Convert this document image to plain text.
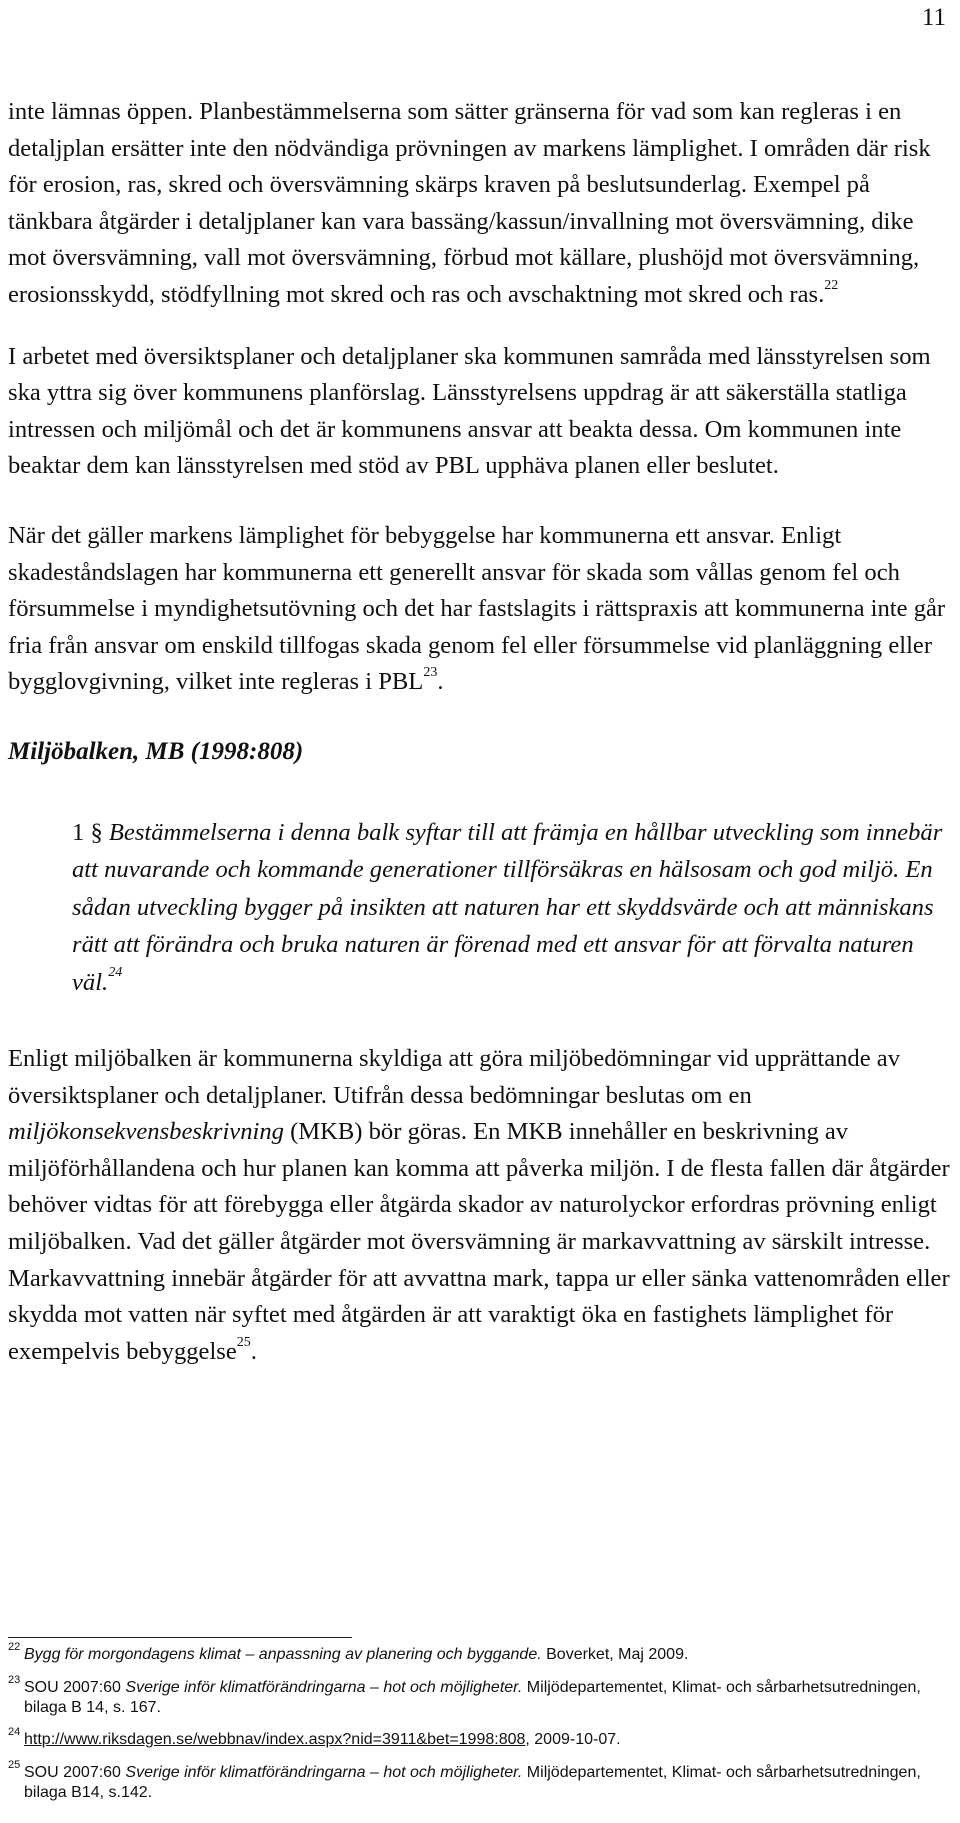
11

inte lämnas öppen. Planbestämmelserna som sätter gränserna för vad som kan regleras i en detaljplan ersätter inte den nödvändiga prövningen av markens lämplighet. I områden där risk för erosion, ras, skred och översvämning skärps kraven på beslutsunderlag. Exempel på tänkbara åtgärder i detaljplaner kan vara bassäng/kassun/invallning mot översvämning, dike mot översvämning, vall mot översvämning, förbud mot källare, plushöjd mot översvämning, erosionsskydd, stödfyllning mot skred och ras och avschaktning mot skred och ras.$^{22}$

I arbetet med översiktsplaner och detaljplaner ska kommunen samråda med länsstyrelsen som ska yttra sig över kommunens planförslag. Länsstyrelsens uppdrag är att säkerställa statliga intressen och miljömål och det är kommunens ansvar att beakta dessa. Om kommunen inte beaktar dem kan länsstyrelsen med stöd av PBL upphäva planen eller beslutet.

När det gäller markens lämplighet för bebyggelse har kommunerna ett ansvar. Enligt skadeståndslagen har kommunerna ett generellt ansvar för skada som vållas genom fel och försummelse i myndighetsutövning och det har fastslagits i rättspraxis att kommunerna inte går fria från ansvar om enskild tillfogas skada genom fel eller försummelse vid planläggning eller bygglovgivning, vilket inte regleras i PBL$^{23}$.

Miljöbalken, MB (1998:808)

1 § Bestämmelserna i denna balk syftar till att främja en hållbar utveckling som innebär att nuvarande och kommande generationer tillförsäkras en hälsosam och god miljö. En sådan utveckling bygger på insikten att naturen har ett skyddsvärde och att människans rätt att förändra och bruka naturen är förenad med ett ansvar för att förvalta naturen väl.$^{24}$

Enligt miljöbalken är kommunerna skyldiga att göra miljöbedömningar vid upprättande av översiktsplaner och detaljplaner. Utifrån dessa bedömningar beslutas om en miljökonsekvensbeskrivning (MKB) bör göras. En MKB innehåller en beskrivning av miljöförhållandena och hur planen kan komma att påverka miljön. I de flesta fallen där åtgärder behöver vidtas för att förebygga eller åtgärda skador av naturolyckor erfordras prövning enligt miljöbalken. Vad det gäller åtgärder mot översvämning är markavvattning av särskilt intresse. Markavvattning innebär åtgärder för att avvattna mark, tappa ur eller sänka vattenområden eller skydda mot vatten när syftet med åtgärden är att varaktigt öka en fastighets lämplighet för exempelvis bebyggelse$^{25}$.

22 Bygg för morgondagens klimat – anpassning av planering och byggande. Boverket, Maj 2009.
23 SOU 2007:60 Sverige inför klimatförändringarna – hot och möjligheter. Miljödepartementet, Klimat- och sårbarhetsutredningen, bilaga B 14, s. 167.
24 http://www.riksdagen.se/webbnav/index.aspx?nid=3911&bet=1998:808, 2009-10-07.
25 SOU 2007:60 Sverige inför klimatförändringarna – hot och möjligheter. Miljödepartementet, Klimat- och sårbarhetsutredningen, bilaga B14, s.142.
